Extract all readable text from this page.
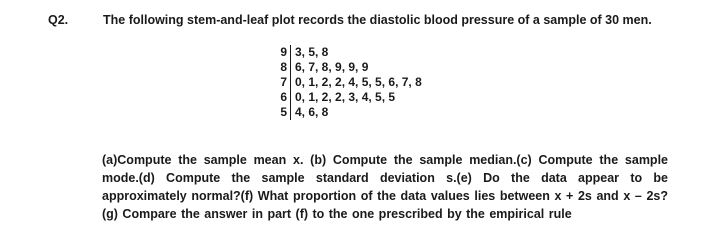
Q2.	The following stem-and-leaf plot records the diastolic blood pressure of a sample of 30 men.
9 3, 5, 8
8 6, 7, 8, 9, 9, 9
7 0, 1, 2, 2, 4, 5, 5, 6, 7, 8
6 0, 1, 2, 2, 3, 4, 5, 5
5 4, 6, 8
(a)Compute the sample mean x. (b) Compute the sample median.(c) Compute the sample mode.(d) Compute the sample standard deviation s.(e) Do the data appear to be approximately normal?(f) What proportion of the data values lies between x + 2s and x – 2s?(g) Compare the answer in part (f) to the one prescribed by the empirical rule
